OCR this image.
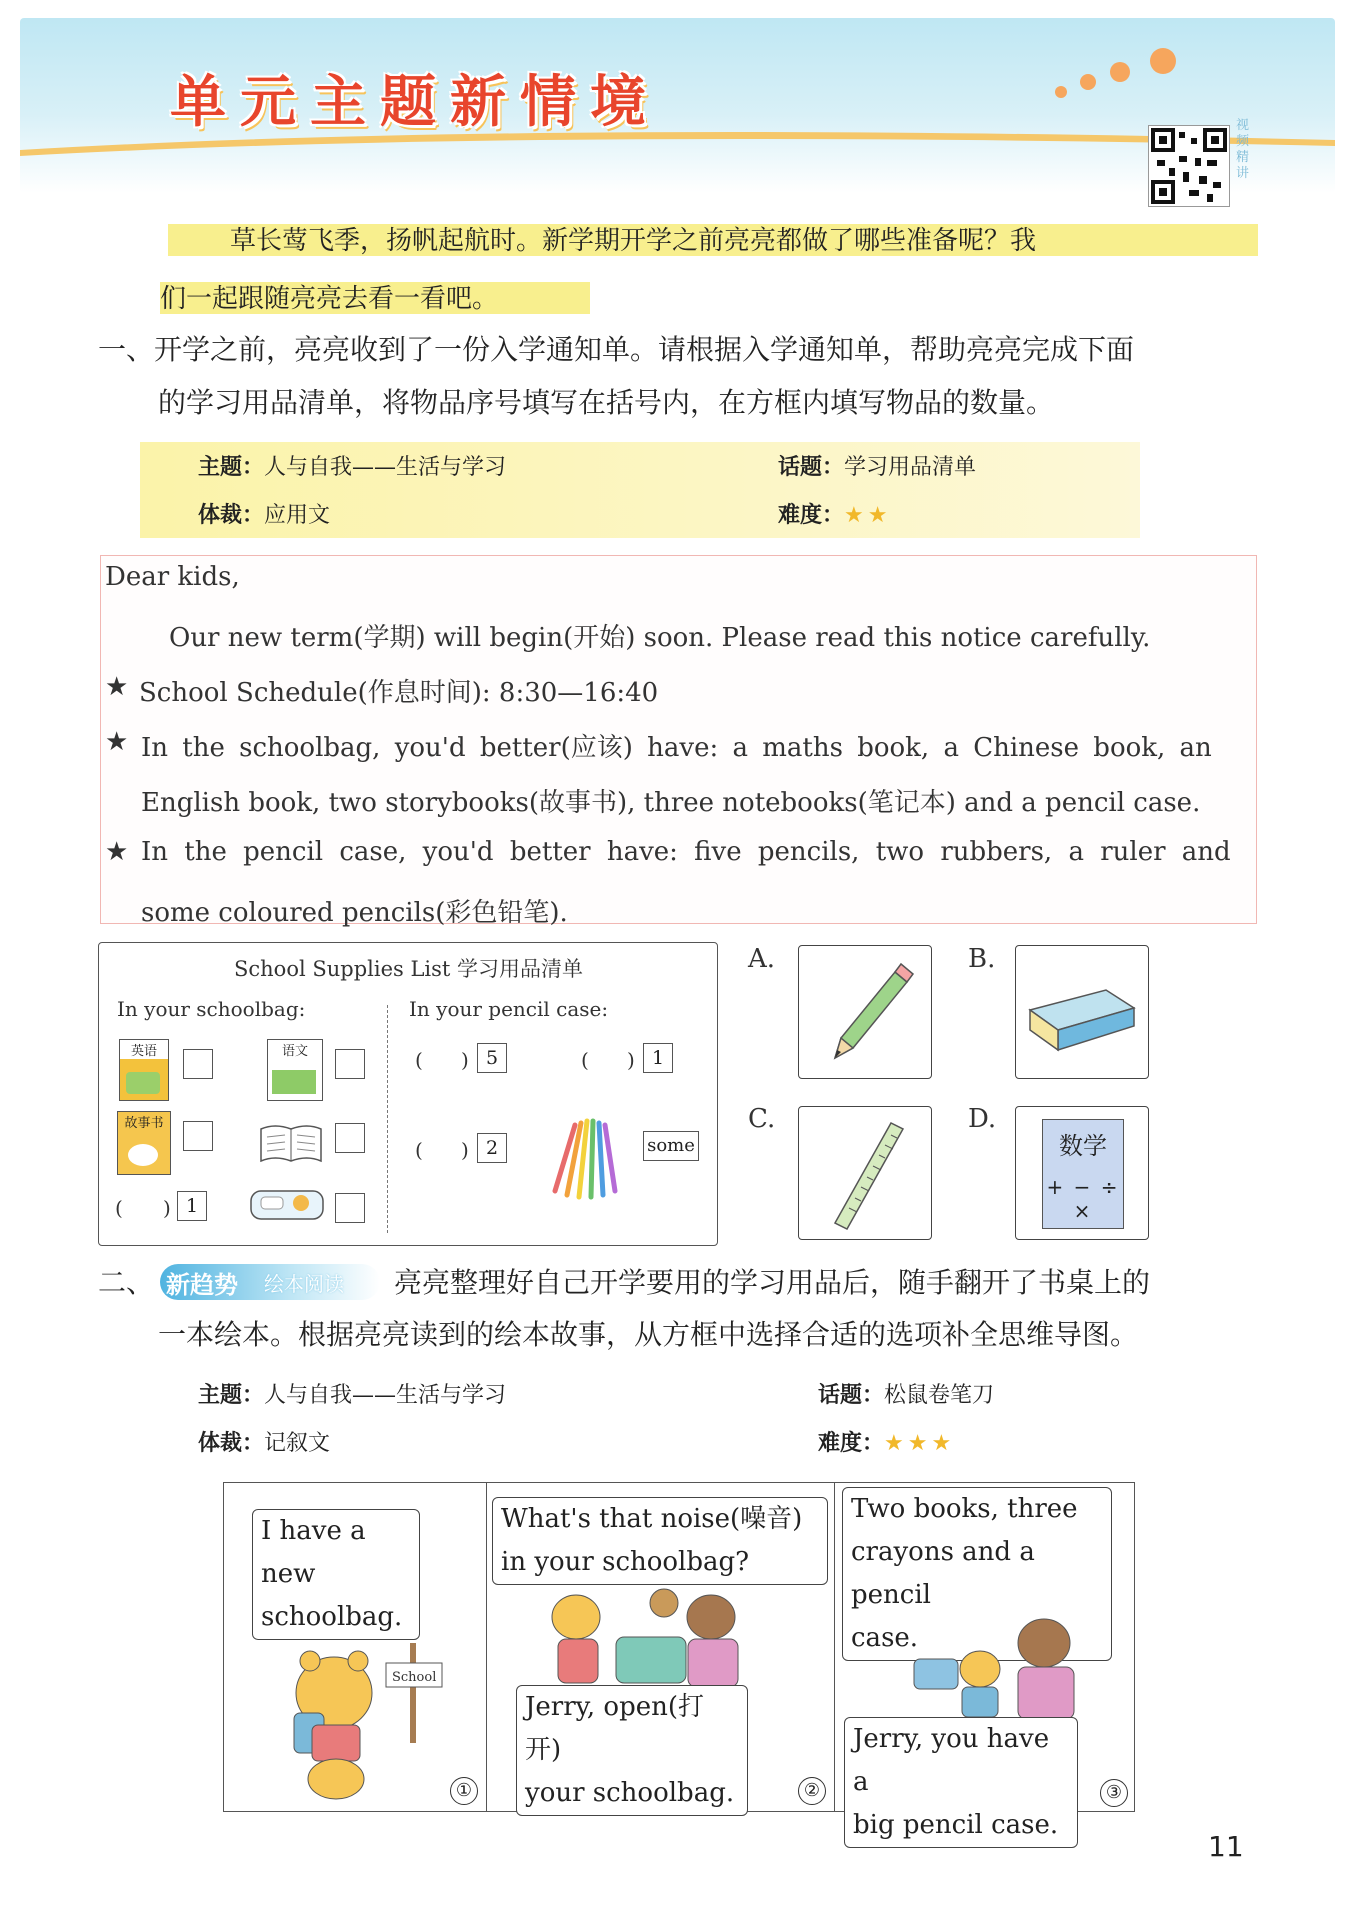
单元主题新情境	视频精讲

草长莺飞季，扬帆起航时。新学期开学之前亮亮都做了哪些准备呢？我

们一起跟随亮亮去看一看吧。

一、开学之前，亮亮收到了一份入学通知单。请根据入学通知单，帮助亮亮完成下面
的学习用品清单，将物品序号填写在括号内，在方框内填写物品的数量。
主题：人与自我——生活与学习	话题：学习用品清单
体裁：应用文	难度：★★
Dear kids,
Our new term(学期) will begin(开始) soon. Please read this notice carefully.
★ School Schedule(作息时间): 8:30—16:40
★ In the schoolbag, you'd better(应该) have: a maths book, a Chinese book, an
English book, two storybooks(故事书), three notebooks(笔记本) and a pencil case.
★ In the pencil case, you'd better have: five pencils, two rubbers, a ruler and
some coloured pencils(彩色铅笔).
School Supplies List 学习用品清单
In your schoolbag:	In your pencil case:
英语	语文
故事书
( ) 1
( ) 5	( ) 1
( ) 2	some
A.	B.
C.	D.
数学
+ − ÷ ×
二、 新趋势 绘本阅读 亮亮整理好自己开学要用的学习用品后，随手翻开了书桌上的
一本绘本。根据亮亮读到的绘本故事，从方框中选择合适的选项补全思维导图。
主题：人与自我——生活与学习	话题：松鼠卷笔刀
体裁：记叙文	难度：★★★
I have a new
schoolbag.
School
①
What's that noise(噪音)
in your schoolbag?
Jerry, open(打开)
your schoolbag.	②
Two books, three
crayons and a pencil
case.
Jerry, you have a
big pencil case.
③
11
